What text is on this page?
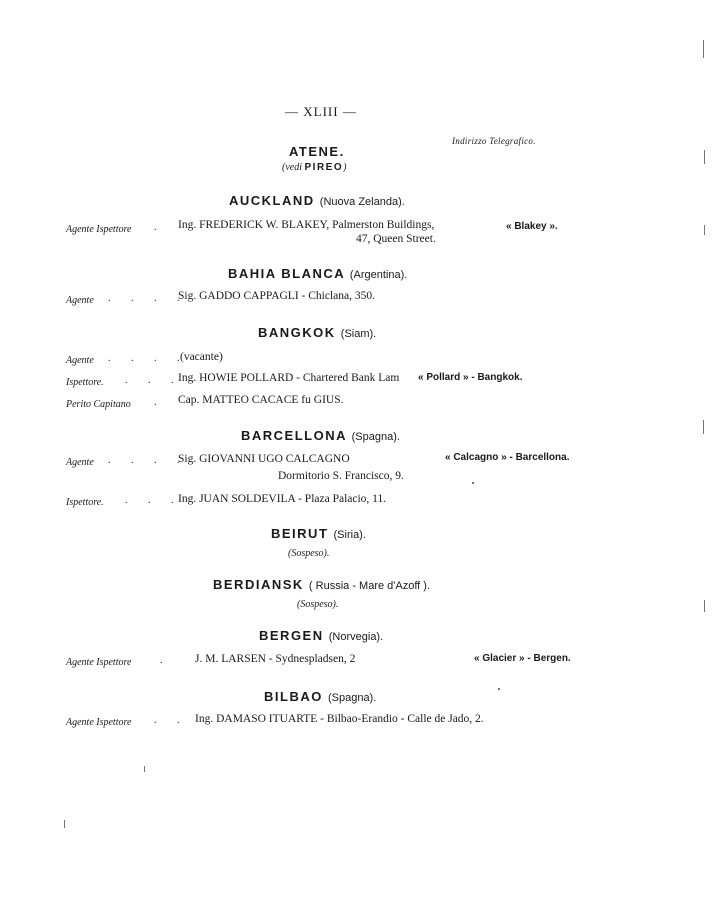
— XLIII —
Indirizzo Telegrafico.
ATENE.
(vedi PIREO)
AUCKLAND (Nuova Zelanda).
Agente Ispettore . Ing. FREDERICK W. BLAKEY, Palmerston Buildings,
47, Queen Street.
« Blakey ».
BAHIA BLANCA (Argentina).
Agente . . . .
Sig. GADDO CAPPAGLI - Chiclana, 350.
BANGKOK (Siam).
Agente . . . .
(vacante)
Ispettore. . . .
Ing. HOWIE POLLARD - Chartered Bank Lam « Pollard » - Bangkok.
Perito Capitano . Cap. MATTEO CACACE fu GIUS.
BARCELLONA (Spagna).
Agente . . . .
Sig. GIOVANNI UGO CALCAGNO
Dormitorio S. Francisco, 9.
« Calcagno » - Barcellona.
Ispettore. . . .
Ing. JUAN SOLDEVILA - Plaza Palacio, 11.
BEIRUT (Siria).
(Sospeso).
BERDIANSK ( Russia - Mare d'Azoff ).
(Sospeso).
BERGEN (Norvegia).
Agente Ispettore	. J. M. LARSEN - Sydnespladsen, 2	« Glacier » - Bergen.
BILBAO (Spagna).
Agente Ispettore . . Ing. DAMASO ITUARTE - Bilbao-Erandio - Calle de Jado, 2.
